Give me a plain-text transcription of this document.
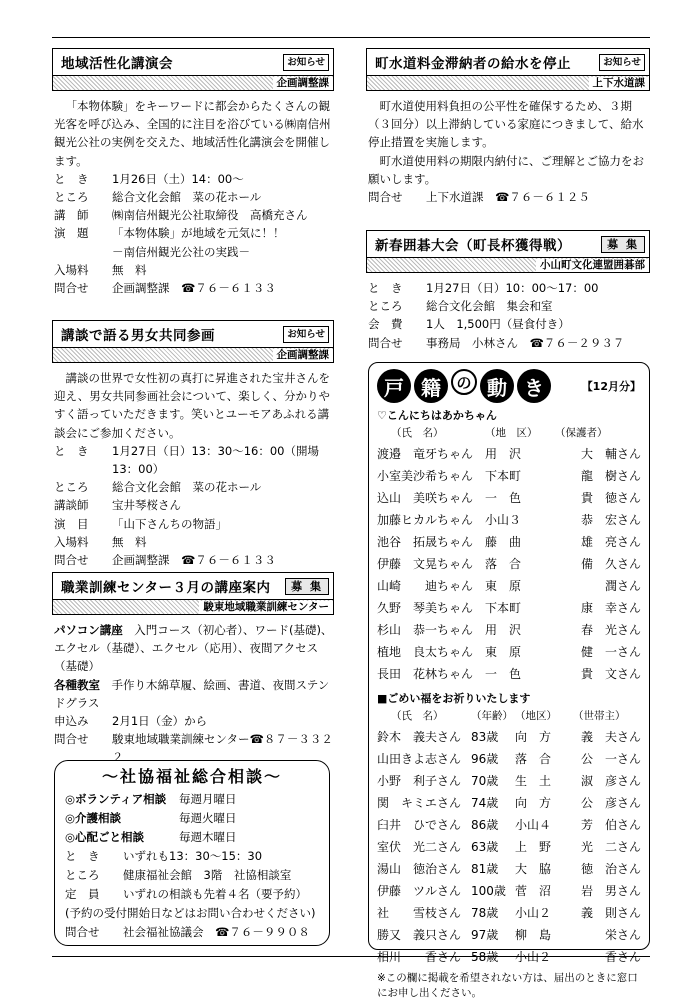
地域活性化講演会	お知らせ
企画調整課

「本物体験」をキーワードに都会からたくさんの観光客を呼び込み、全国的に注目を浴びている㈱南信州観光公社の実例を交えた、地域活性化講演会を開催します。

と　き	1月26日（土）14：00～
ところ	総合文化会館　菜の花ホール
講　師	㈱南信州観光公社取締役　高橋充さん
演　題	「本物体験」が地域を元気に！！
－南信州観光公社の実践－
入場料	無　料
問合せ	企画調整課　☎７６－６１３３
講談で語る男女共同参画	お知らせ
企画調整課

講談の世界で女性初の真打に昇進された宝井さんを迎え、男女共同参画社会について、楽しく、分かりやすく語っていただきます。笑いとユーモアあふれる講談会にご参加ください。

と　き	1月27日（日）13：30～16：00（開場13：00）
ところ	総合文化会館　菜の花ホール
講談師	宝井琴桜さん
演　目	「山下さんちの物語」
入場料	無　料
問合せ	企画調整課　☎７６－６１３３
職業訓練センター３月の講座案内	募 集
駿東地域職業訓練センター
パソコン講座　 入門コース（初心者）、ワード(基礎)、エクセル（基礎）、エクセル（応用）、夜間アクセス（基礎）
各種教室　 手作り木綿草履、絵画、書道、夜間ステンドグラス
申込み	2月1日（金）から
問合せ	駿東地域職業訓練センター☎８７－３３２２
～社協福祉総合相談～
◎ボランティア相談	毎週月曜日
◎介護相談	毎週火曜日
◎心配ごと相談	毎週木曜日
と　き	いずれも13：30～15：30
ところ	健康福祉会館　3階　社協相談室
定　員	いずれの相談も先着４名（要予約）
(予約の受付開始日などはお問い合わせください)
問合せ	社会福祉協議会　☎７６－９９０８
町水道料金滞納者の給水を停止	お知らせ
上下水道課

町水道使用料負担の公平性を確保するため、３期（３回分）以上滞納している家庭につきまして、給水停止措置を実施します。

町水道使用料の期限内納付に、ご理解とご協力をお願いします。

問合せ	上下水道課　☎７６－６１２５
新春囲碁大会（町長杯獲得戦）	募 集
小山町文化連盟囲碁部
と　き	1月27日（日）10：00～17：00
ところ	総合文化会館　集会和室
会　費	1人　1,500円（昼食付き）
問合せ	事務局　小林さん　☎７６－２９３７
戸 籍	の 動 き	【12月分】
♡こんにちはあかちゃん
（氏　名）	（地　区）	（保護者）
渡邉　竜牙ちゃん 用　沢	大　輔さん
小室美沙希ちゃん 下本町	龍　樹さん
込山　美咲ちゃん 一　色	貴　徳さん
加藤ヒカルちゃん 小山３	恭　宏さん
池谷　拓晟ちゃん 藤　曲	雄　亮さん
伊藤　文晃ちゃん 落　合	備　久さん
山崎　　迪ちゃん 東　原	潤さん
久野　琴美ちゃん 下本町	康　幸さん
杉山　恭一ちゃん 用　沢	春　光さん
植地　良太ちゃん 東　原	健　一さん
長田　花林ちゃん 一　色	貴　文さん
■ごめい福をお祈りいたします
（氏　名）	（年齢） （地区）	（世帯主）
鈴木　義夫さん 83歳	向　方	義　夫さん
山田きよ志さん 96歳	落　合	公　一さん
小野　利子さん 70歳	生　土	淑　彦さん
関　キミエさん 74歳	向　方	公　彦さん
臼井　ひでさん 86歳	小山４	芳　伯さん
室伏　光二さん 63歳	上　野	光　二さん
湯山　徳治さん 81歳	大　脇	徳　治さん
伊藤　ツルさん 100歳 菅　沼	岩　男さん
社　　雪枝さん 78歳	小山２	義　則さん
勝又　義只さん 97歳	柳　島	栄さん
相川　　香さん 58歳	小山２	香さん
※この欄に掲載を希望されない方は、届出のときに窓口にお申し出ください。
